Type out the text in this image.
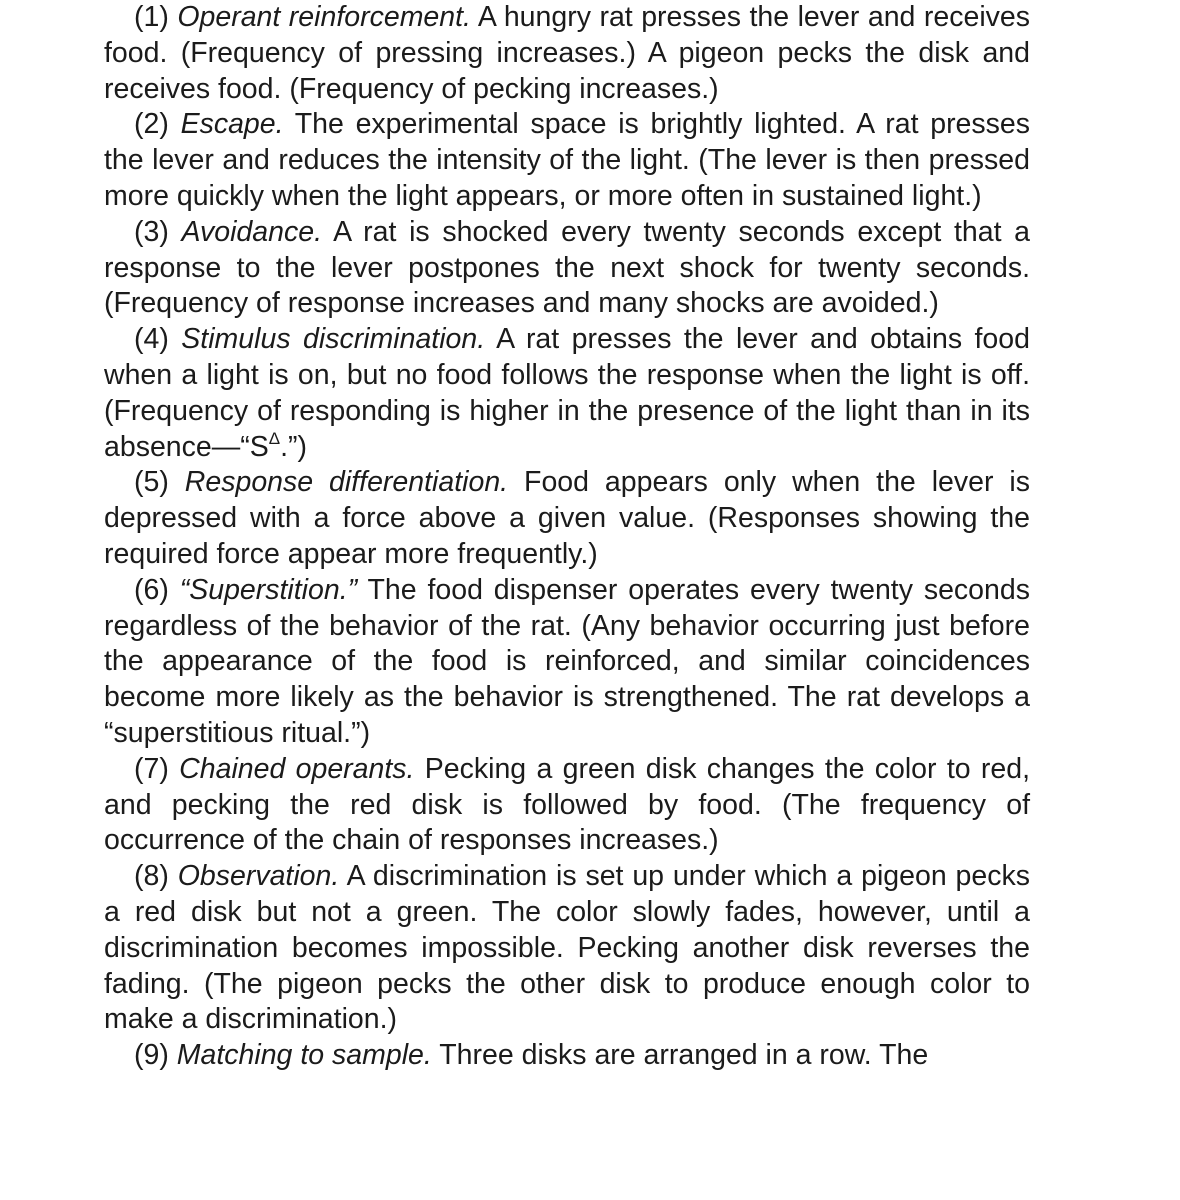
(1) Operant reinforcement. A hungry rat presses the lever and receives food. (Frequency of pressing increases.) A pigeon pecks the disk and receives food. (Frequency of pecking increases.)

(2) Escape. The experimental space is brightly lighted. A rat presses the lever and reduces the intensity of the light. (The lever is then pressed more quickly when the light appears, or more often in sustained light.)

(3) Avoidance. A rat is shocked every twenty seconds except that a response to the lever postpones the next shock for twenty seconds. (Frequency of response increases and many shocks are avoided.)

(4) Stimulus discrimination. A rat presses the lever and obtains food when a light is on, but no food follows the response when the light is off. (Frequency of responding is higher in the presence of the light than in its $absence—“S^\Delta$.”)

(5) Response differentiation. Food appears only when the lever is depressed with a force above a given value. (Responses showing the required force appear more frequently.)

(6) “Superstition.” The food dispenser operates every twenty seconds regardless of the behavior of the rat. (Any behavior occurring just before the appearance of the food is reinforced, and similar coincidences become more likely as the behavior is strengthened. The rat develops a “superstitious ritual.”)

(7) Chained operants. Pecking a green disk changes the color to red, and pecking the red disk is followed by food. (The frequency of occurrence of the chain of responses increases.)

(8) Observation. A discrimination is set up under which a pigeon pecks a red disk but not a green. The color slowly fades, however, until a discrimination becomes impossible. Pecking another disk reverses the fading. (The pigeon pecks the other disk to produce enough color to make a discrimination.)

(9) Matching to sample. Three disks are arranged in a row. The
